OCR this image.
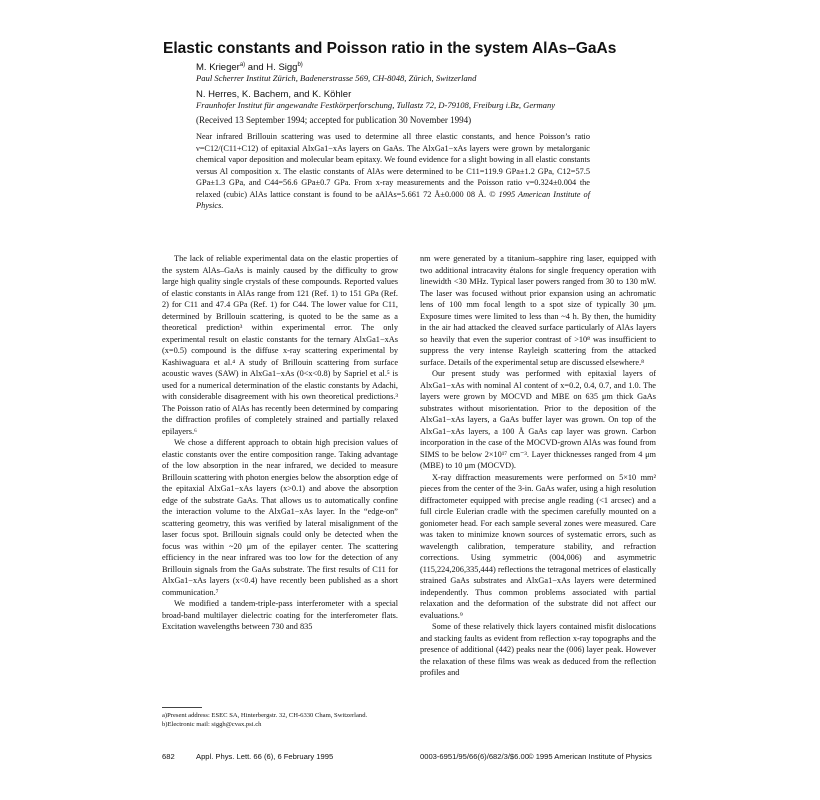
Elastic constants and Poisson ratio in the system AlAs–GaAs
M. Krieger$^{a)}$ and H. Sigg$^{b)}$
Paul Scherrer Institut Zürich, Badenerstrasse 569, CH-8048, Zürich, Switzerland
N. Herres, K. Bachem, and K. Köhler
Fraunhofer Institut für angewandte Festkörperforschung, Tullastz 72, D-79108, Freiburg i.Bz, Germany
(Received 13 September 1994; accepted for publication 30 November 1994)

Near infrared Brillouin scattering was used to determine all three elastic constants, and hence Poisson’s ratio ν=C12/(C11+C12) of epitaxial AlxGa1−xAs layers on GaAs. The AlxGa1−xAs layers were grown by metalorganic chemical vapor deposition and molecular beam epitaxy. We found evidence for a slight bowing in all elastic constants versus Al composition x. The elastic constants of AlAs were determined to be C11=119.9 GPa±1.2 GPa, C12=57.5 GPa±1.3 GPa, and C44=56.6 GPa±0.7 GPa. From x-ray measurements and the Poisson ratio ν=0.324±0.004 the relaxed (cubic) AlAs lattice constant is found to be aAlAs=5.661 72 Å±0.000 08 Å. © 1995 American Institute of Physics.

The lack of reliable experimental data on the elastic properties of the system AlAs–GaAs is mainly caused by the difficulty to grow large high quality single crystals of these compounds. Reported values of elastic constants in AlAs range from 121 (Ref. 1) to 151 GPa (Ref. 2) for C11 and 47.4 GPa (Ref. 1) for C44. The lower value for C11, determined by Brillouin scattering, is quoted to be the same as a theoretical prediction³ within experimental error. The only experimental result on elastic constants for the ternary AlxGa1−xAs (x=0.5) compound is the diffuse x-ray scattering experimental by Kashiwaguara et al.⁴ A study of Brillouin scattering from surface acoustic waves (SAW) in AlxGa1−xAs (0<x<0.8) by Sapriel et al.⁵ is used for a numerical determination of the elastic constants by Adachi, with considerable disagreement with his own theoretical predictions.³ The Poisson ratio of AlAs has recently been determined by comparing the diffraction profiles of completely strained and partially relaxed epilayers.⁶

We chose a different approach to obtain high precision values of elastic constants over the entire composition range. Taking advantage of the low absorption in the near infrared, we decided to measure Brillouin scattering with photon energies below the absorption edge of the epitaxial AlxGa1−xAs layers (x>0.1) and above the absorption edge of the substrate GaAs. That allows us to automatically confine the interaction volume to the AlxGa1−xAs layer. In the “edge-on” scattering geometry, this was verified by lateral misalignment of the laser focus spot. Brillouin signals could only be detected when the focus was within ~20 μm of the epilayer center. The scattering efficiency in the near infrared was too low for the detection of any Brillouin signals from the GaAs substrate. The first results of C11 for AlxGa1−xAs layers (x<0.4) have recently been published as a short communication.⁷

We modified a tandem-triple-pass interferometer with a special broad-band multilayer dielectric coating for the interferometer flats. Excitation wavelengths between 730 and 835

nm were generated by a titanium–sapphire ring laser, equipped with two additional intracavity étalons for single frequency operation with linewidth <30 MHz. Typical laser powers ranged from 30 to 130 mW. The laser was focused without prior expansion using an achromatic lens of 100 mm focal length to a spot size of typically 30 μm. Exposure times were limited to less than ~4 h. By then, the humidity in the air had attacked the cleaved surface particularly of AlAs layers so heavily that even the superior contrast of >10⁸ was insufficient to suppress the very intense Rayleigh scattering from the attacked surface. Details of the experimental setup are discussed elsewhere.⁸

Our present study was performed with epitaxial layers of AlxGa1−xAs with nominal Al content of x=0.2, 0.4, 0.7, and 1.0. The layers were grown by MOCVD and MBE on 635 μm thick GaAs substrates without misorientation. Prior to the deposition of the AlxGa1−xAs layers, a GaAs buffer layer was grown. On top of the AlxGa1−xAs layers, a 100 Å GaAs cap layer was grown. Carbon incorporation in the case of the MOCVD-grown AlAs was found from SIMS to be below 2×10¹⁷ cm⁻³. Layer thicknesses ranged from 4 μm (MBE) to 10 μm (MOCVD).

X-ray diffraction measurements were performed on 5×10 mm² pieces from the center of the 3-in. GaAs wafer, using a high resolution diffractometer equipped with precise angle reading (<1 arcsec) and a full circle Eulerian cradle with the specimen carefully mounted on a goniometer head. For each sample several zones were measured. Care was taken to minimize known sources of systematic errors, such as wavelength calibration, temperature stability, and refraction corrections. Using symmetric (004,006) and asymmetric (115,224,206,335,444) reflections the tetragonal metrices of elastically strained GaAs substrates and AlxGa1−xAs layers were determined independently. Thus common problems associated with partial relaxation and the deformation of the substrate did not affect our evaluations.⁹

Some of these relatively thick layers contained misfit dislocations and stacking faults as evident from reflection x-ray topographs and the presence of additional (442) peaks near the (006) layer peak. However the relaxation of these films was weak as deduced from the reflection profiles and

a)Present address: ESEC SA, Hinterbergstr. 32, CH-6330 Cham, Switzerland.

b)Electronic mail: siggh@cvax.psi.ch

682	Appl. Phys. Lett. 66 (6), 6 February 1995	0003-6951/95/66(6)/682/3/$6.00 © 1995 American Institute of Physics
